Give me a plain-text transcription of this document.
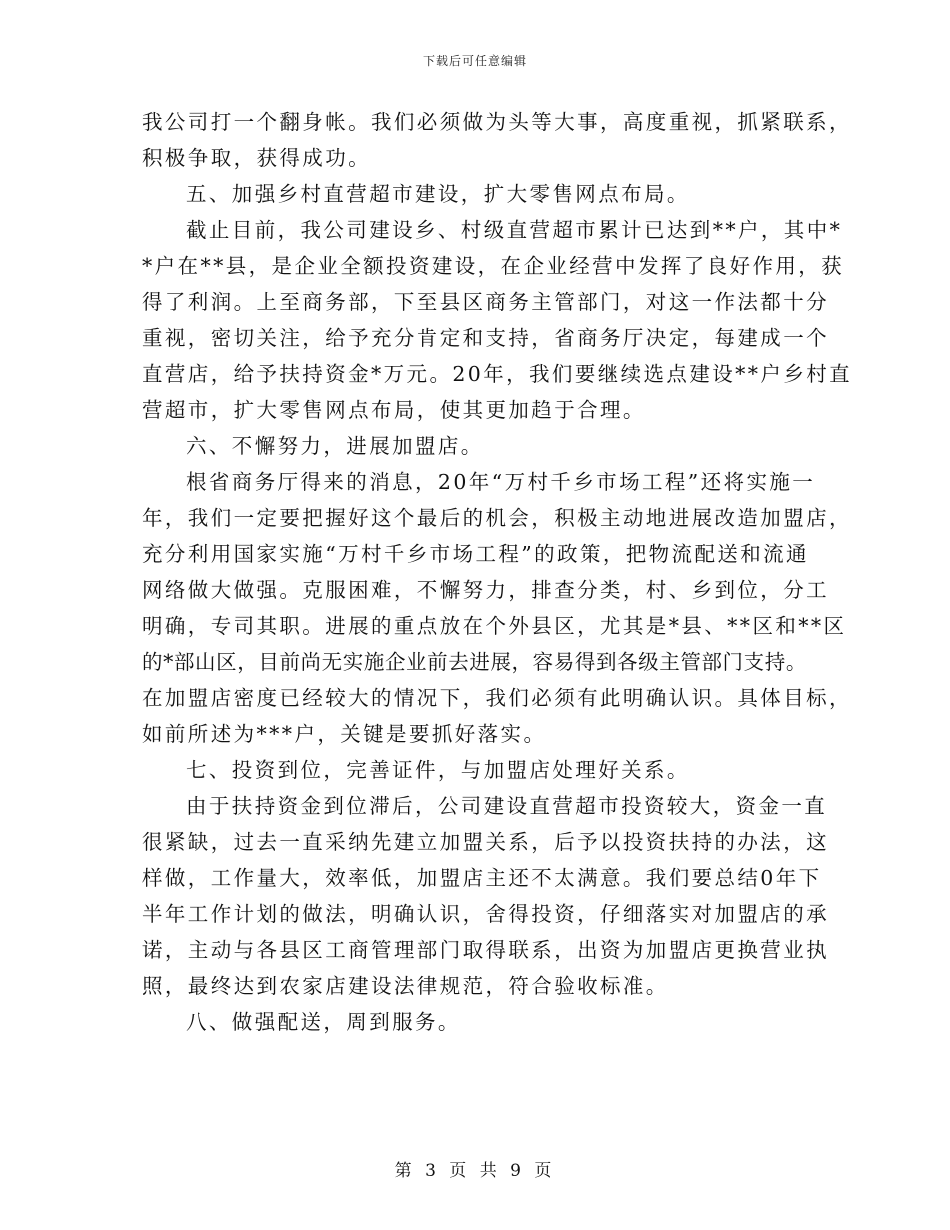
下载后可任意编辑
我公司打一个翻身帐。我们必须做为头等大事，高度重视，抓紧联系，
积极争取，获得成功。
五、加强乡村直营超市建设，扩大零售网点布局。
截止目前，我公司建设乡、村级直营超市累计已达到**户，其中*
*户在**县，是企业全额投资建设，在企业经营中发挥了良好作用，获
得了利润。上至商务部，下至县区商务主管部门，对这一作法都十分
重视，密切关注，给予充分肯定和支持，省商务厅决定，每建成一个
直营店，给予扶持资金*万元。20年，我们要继续选点建设**户乡村直
营超市，扩大零售网点布局，使其更加趋于合理。
六、不懈努力，进展加盟店。
根省商务厅得来的消息，20年“万村千乡市场工程”还将实施一
年，我们一定要把握好这个最后的机会，积极主动地进展改造加盟店，
充分利用国家实施“万村千乡市场工程”的政策，把物流配送和流通
网络做大做强。克服困难，不懈努力，排查分类，村、乡到位，分工
明确，专司其职。进展的重点放在个外县区，尤其是*县、**区和**区
的*部山区，目前尚无实施企业前去进展，容易得到各级主管部门支持。
在加盟店密度已经较大的情况下，我们必须有此明确认识。具体目标，
如前所述为***户，关键是要抓好落实。
七、投资到位，完善证件，与加盟店处理好关系。
由于扶持资金到位滞后，公司建设直营超市投资较大，资金一直
很紧缺，过去一直采纳先建立加盟关系，后予以投资扶持的办法，这
样做，工作量大，效率低，加盟店主还不太满意。我们要总结0年下
半年工作计划的做法，明确认识，舍得投资，仔细落实对加盟店的承
诺，主动与各县区工商管理部门取得联系，出资为加盟店更换营业执
照，最终达到农家店建设法律规范，符合验收标准。
八、做强配送，周到服务。
第 3 页 共 9 页
